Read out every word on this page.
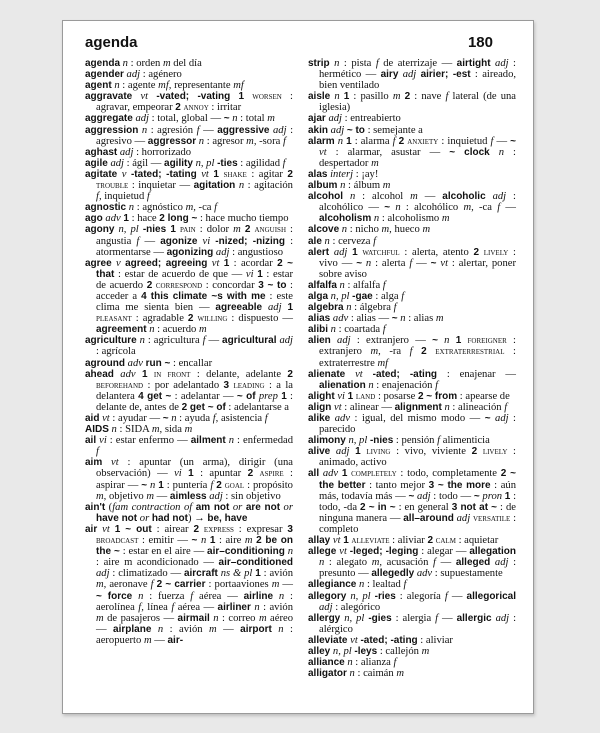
agenda	180
agenda n : orden m del día
agender adj : agénero
agent n : agente mf, representante mf
aggravate vt -vated; -vating 1 worsen : agravar, empeorar 2 annoy : irritar
aggregate adj : total, global — ~ n : total m
aggression n : agresión f — aggressive adj : agresivo — aggressor n : agresor m, -sora f
aghast adj : horrorizado
agile adj : ágil — agility n, pl -ties : agilidad f
agitate v -tated; -tating vt 1 shake : agitar 2 trouble : inquietar — agitation n : agitación f, inquietud f
agnostic n : agnóstico m, -ca f
ago adv 1 : hace 2 long ~ : hace mucho tiempo
agony n, pl -nies 1 pain : dolor m 2 anguish : angustia f — agonize vi -nized; -nizing : atormentarse — agonizing adj : angustioso
agree v agreed; agreeing vt 1 : acordar 2 ~ that : estar de acuerdo de que — vi 1 : estar de acuerdo 2 correspond : concordar 3 ~ to : acceder a 4 this climate ~s with me : este clima me sienta bien — agreeable adj 1 pleasant : agradable 2 willing : dispuesto — agreement n : acuerdo m
agriculture n : agricultura f — agricultural adj : agrícola
aground adv run ~ : encallar
ahead adv 1 in front : delante, adelante 2 beforehand : por adelantado 3 leading : a la delantera 4 get ~ : adelantar — ~ of prep 1 : delante de, antes de 2 get ~ of : adelantarse a
aid vt : ayudar — ~ n : ayuda f, asistencia f
AIDS n : SIDA m, sida m
ail vi : estar enfermo — ailment n : enfermedad f
aim vt : apuntar (un arma), dirigir (una observación) — vi 1 : apuntar 2 aspire : aspirar — ~ n 1 : puntería f 2 goal : propósito m, objetivo m — aimless adj : sin objetivo
ain't (fam contraction of am not or are not or have not or had not) → be, have
air vt 1 ~ out : airear 2 express : expresar 3 broadcast : emitir — ~ n 1 : aire m 2 be on the ~ : estar en el aire — air–conditioning n : aire m acondicionado — air–conditioned adj : climatizado — aircraft ns & pl 1 : avión m, aeronave f 2 ~ carrier : portaaviones m — ~ force n : fuerza f aérea — airline n : aerolínea f, línea f aérea — airliner n : avión m de pasajeros — airmail n : correo m aéreo — airplane n : avión m — airport n : aeropuerto m — air-
strip n : pista f de aterrizaje — airtight adj : hermético — airy adj airier; -est : aireado, bien ventilado
aisle n 1 : pasillo m 2 : nave f lateral (de una iglesia)
ajar adj : entreabierto
akin adj ~ to : semejante a
alarm n 1 : alarma f 2 anxiety : inquietud f — ~ vt : alarmar, asustar — ~ clock n : despertador m
alas interj : ¡ay!
album n : álbum m
alcohol n : alcohol m — alcoholic adj : alcohólico — ~ n : alcohólico m, -ca f — alcoholism n : alcoholismo m
alcove n : nicho m, hueco m
ale n : cerveza f
alert adj 1 watchful : alerta, atento 2 lively : vivo — ~ n : alerta f — ~ vt : alertar, poner sobre aviso
alfalfa n : alfalfa f
alga n, pl -gae : alga f
algebra n : álgebra f
alias adv : alias — ~ n : alias m
alibi n : coartada f
alien adj : extranjero — ~ n 1 foreigner : extranjero m, -ra f 2 extraterrestrial : extraterrestre mf
alienate vt -ated; -ating : enajenar — alienation n : enajenación f
alight vi 1 land : posarse 2 ~ from : apearse de
align vt : alinear — alignment n : alineación f
alike adv : igual, del mismo modo — ~ adj : parecido
alimony n, pl -nies : pensión f alimenticia
alive adj 1 living : vivo, viviente 2 lively : animado, activo
all adv 1 completely : todo, completamente 2 ~ the better : tanto mejor 3 ~ the more : aún más, todavía más — ~ adj : todo — ~ pron 1 : todo, -da 2 ~ in ~ : en general 3 not at ~ : de ninguna manera — all–around adj versatile : completo
allay vt 1 alleviate : aliviar 2 calm : aquietar
allege vt -leged; -leging : alegar — allegation n : alegato m, acusación f — alleged adj : presunto — allegedly adv : supuestamente
allegiance n : lealtad f
allegory n, pl -ries : alegoría f — allegorical adj : alegórico
allergy n, pl -gies : alergia f — allergic adj : alérgico
alleviate vt -ated; -ating : aliviar
alley n, pl -leys : callejón m
alliance n : alianza f
alligator n : caimán m
